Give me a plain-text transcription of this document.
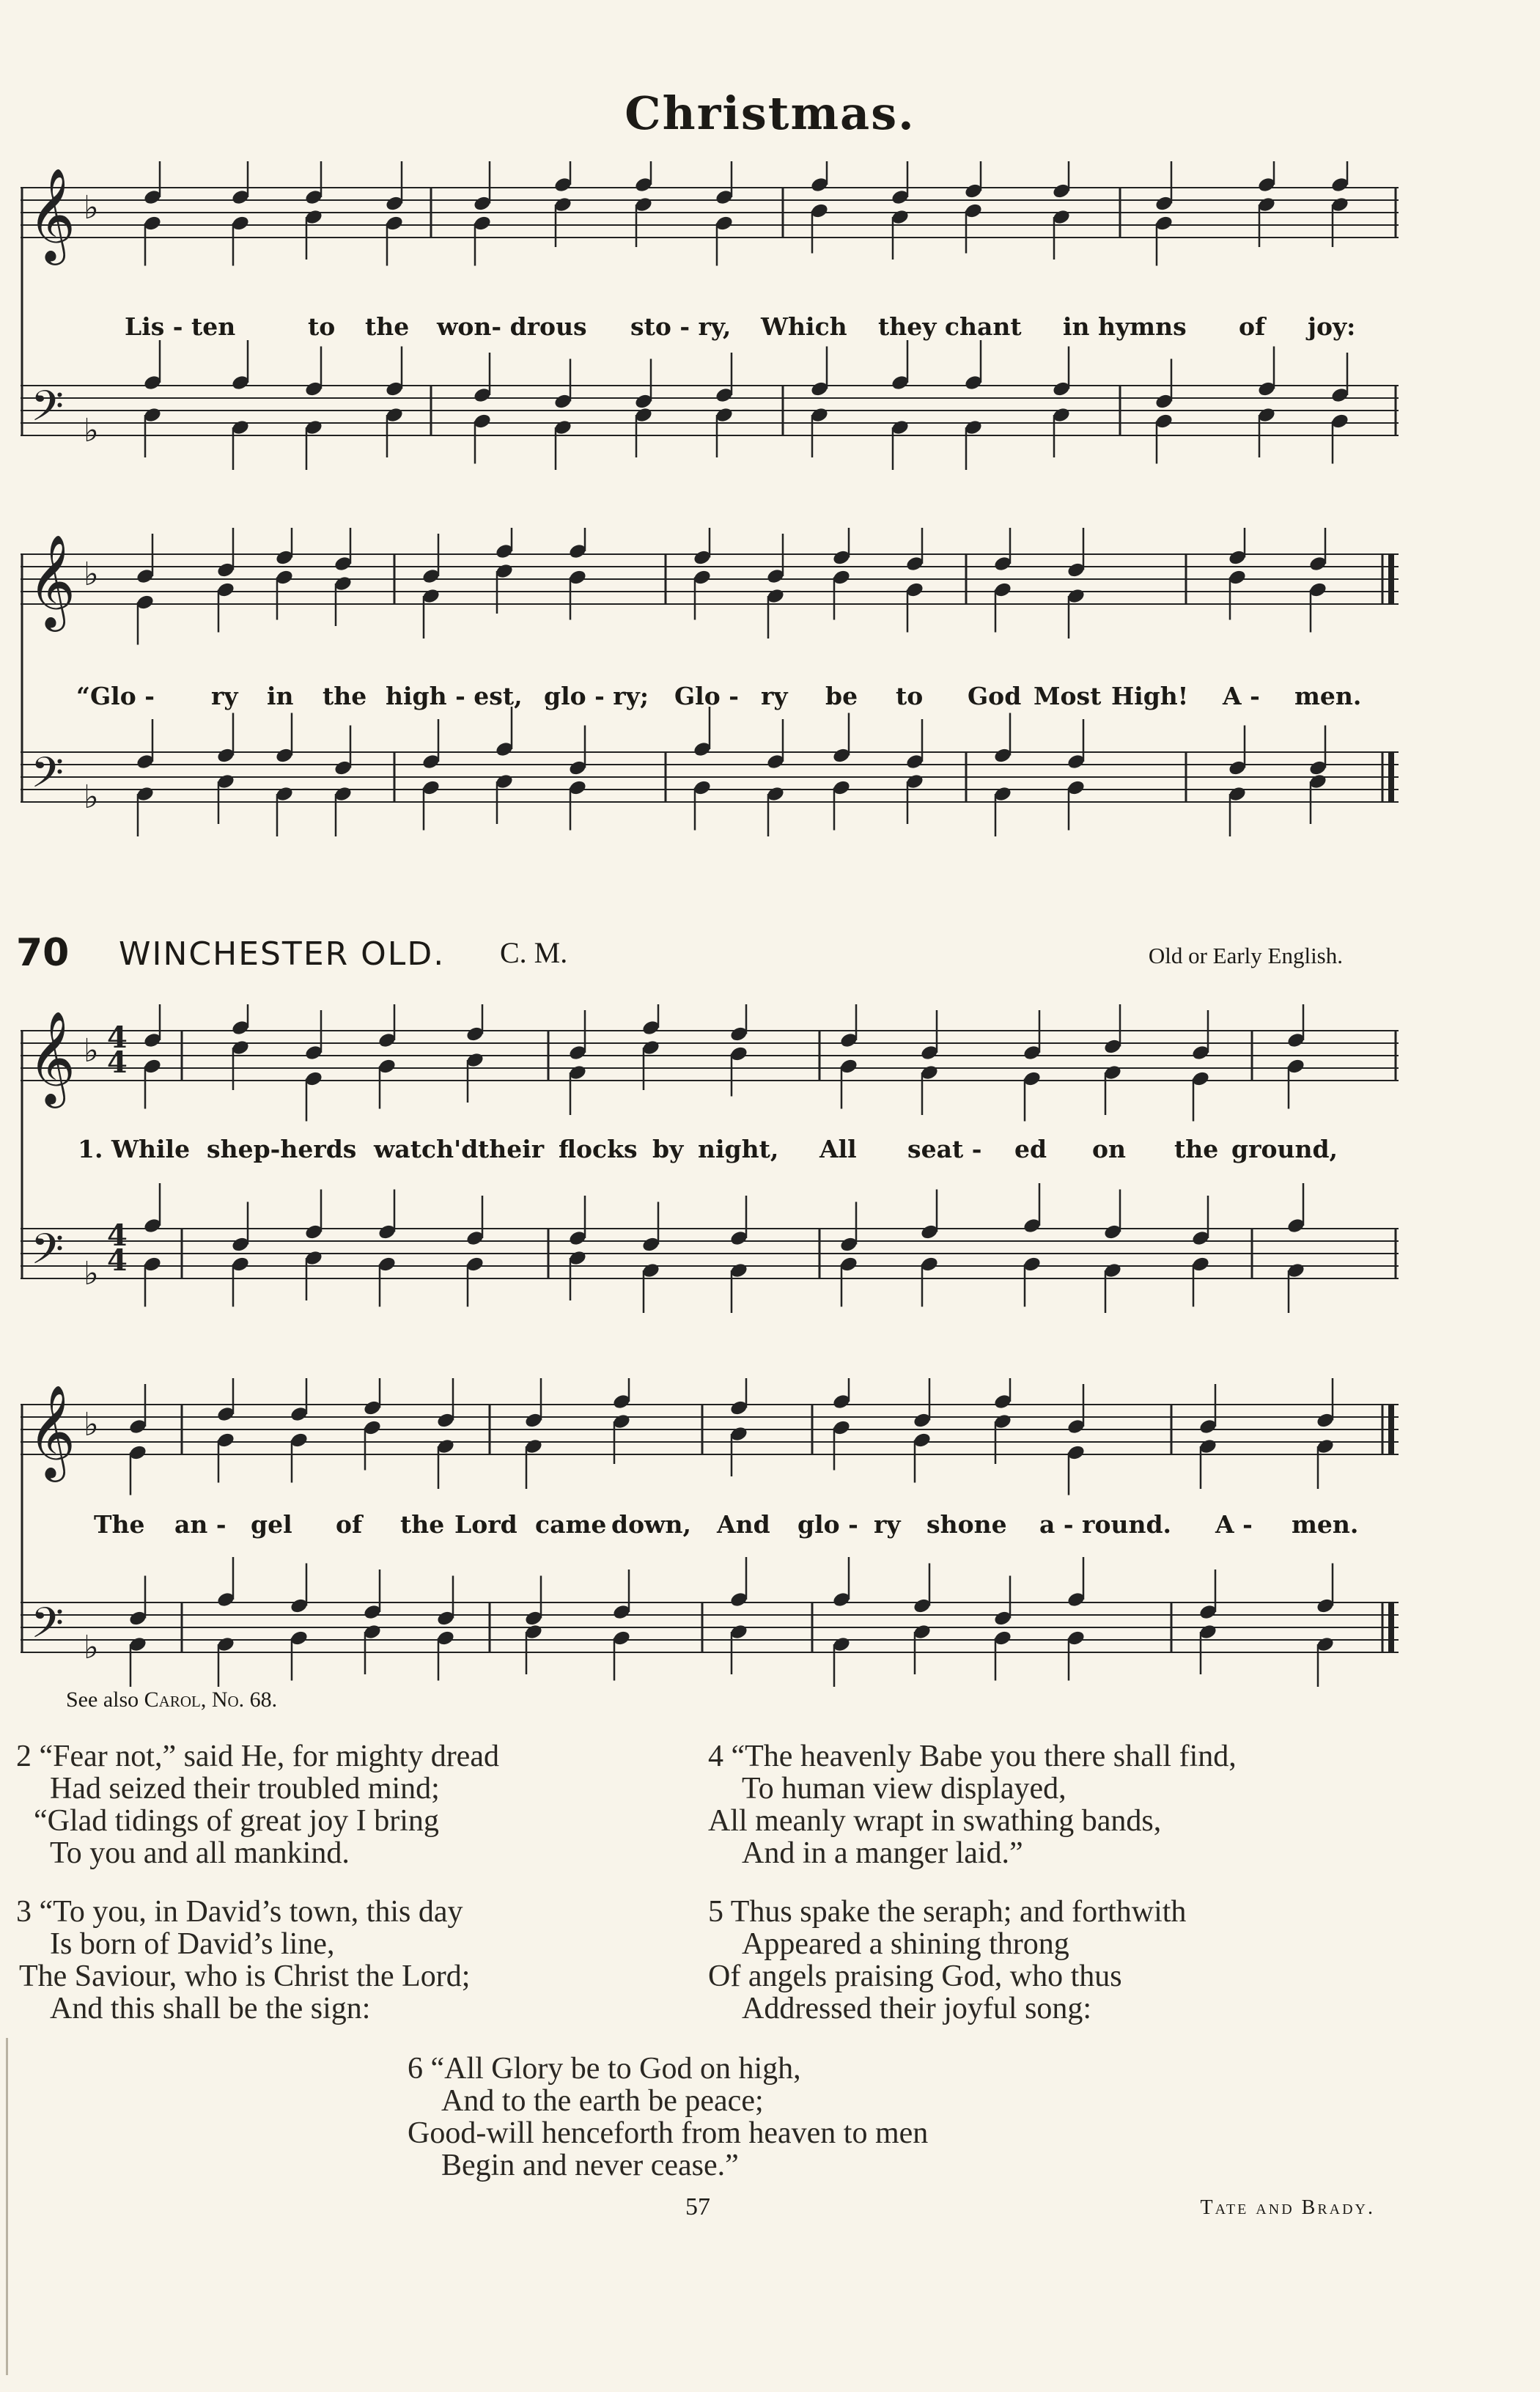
Christmas.
𝄞
𝄢
♭
♭
𝄞
𝄢
♭
♭
Lis - ten	to the won- drous sto - ry, Which they chant in hymns of joy:
“Glo - ry in the high - est, glo - ry; Glo - ry be to God Most High! A - men.
70 WINCHESTER OLD. C. M.	Old or Early English.
𝄞
𝄢
♭
♭
4
4
4
4
𝄞
𝄢
♭
♭
1. While shep-herds watch'd their flocks by night, All seat - ed on the ground,
The an - gel of the Lord came down, And glo - ry shone a - round. A - men.
See also Carol, No. 68.
2 “Fear not,” said He, for mighty dread
Had seized their troubled mind;
“Glad tidings of great joy I bring
To you and all mankind.
3 “To you, in David’s town, this day
Is born of David’s line,
The Saviour, who is Christ the Lord;
And this shall be the sign:
4 “The heavenly Babe you there shall find,
To human view displayed,
All meanly wrapt in swathing bands,
And in a manger laid.”
5 Thus spake the seraph; and forthwith
Appeared a shining throng
Of angels praising God, who thus
Addressed their joyful song:
6 “All Glory be to God on high,
And to the earth be peace;
Good-will henceforth from heaven to men
Begin and never cease.”
57	Tate and Brady.
